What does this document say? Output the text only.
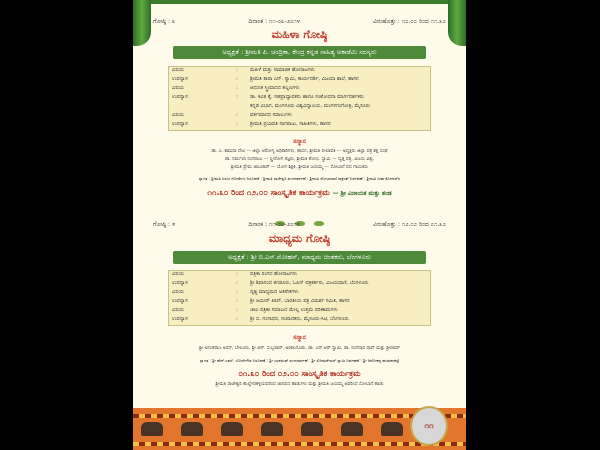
ಗೋಷ್ಠಿ : ೩	ದಿನಾಂಕ : ೧೧-೦೩-೨೦೧೪	ವಿರುಹೊತ್ತು : ೧೦.೦೦ ರಿಂದ ೧೧.೩೦
ಮಹಿಳಾ ಗೋಷ್ಠಿ
ಅಧ್ಯಕ್ಷತೆ : ಶ್ರೀಮತಿ ಪಿ. ಚಂದ್ರಿಕಾ, ಕೇಂದ್ರ ಕನ್ನಡ ಸಾಹಿತ್ಯ ಅಕಾಡೆಮಿ ಸದಸ್ಯರು
ವಿಷಯ	:	ಮಹಿಳೆ ಮತ್ತು ಸಾಮಾಜಿಕ ಹೋರಾಟಗಳು
ಉಪನ್ಯಾಸ	:	ಶ್ರೀಮತಿ ತಾರಾ ಎನ್. ಸ್ವಾಮಿ, ಕಾರ್ಯದರ್ಶಿ, ವಿಜಯಾ ಶಾಲೆ, ಹಾಸನ
ವಿಷಯ	:	ಆಧುನಿಕ ಸ್ತ್ರೀವಾದದ ತಲ್ಲಣಗಳು
ಉಪನ್ಯಾಸ	:	ಡಾ. ಕವಿತ ಕೈ, ಸಹಪ್ರಾಧ್ಯಾಪಕರು ಹಾಗೂ ಸಂಶೋಧನಾ ಮಾರ್ಗದರ್ಶಕರು
		ಕನ್ನಡ ವಿಭಾಗ, ಮಂಗಳೂರು ವಿಶ್ವವಿದ್ಯಾಲಯ, ಮಂಗಳಗಂಗೋತ್ರಿ, ಮೈಸೂರು
ವಿಷಯ	:	ವರ್ತಮಾನದ ಸವಾಲುಗಳು
ಉಪನ್ಯಾಸ	:	ಶ್ರೀಮತಿ ಪ್ರಭಾವತಿ ನಾಗರಾಜು, ಸಾಹಿತಿಗಳು, ಹಾಸನ
ಸನ್ಮಾನ
ಡಾ. ಎ. ಕಾಮರಾ ದೇವಿ — ಜಿಲ್ಲಾ ಆರೋಗ್ಯ ಅಧಿಕಾರಿಗಳು, ಹಾಸನ, ಶ್ರೀಮತಿ ಲೀಲಾವತಿ — ಅಧ್ಯಕ್ಷರು ಜಿಲ್ಲಾ ಪತ್ರ ಶಕ್ತಿ ಸಂಘ
ಡಾ. ನಿರ್ಮಲಾ ರಂಗರಾಜು — ಸ್ತ್ರೀರೋಗ ತಜ್ಞರು, ಶ್ರೀಮತಿ ಶೋಭ. ಸ್ವಾಮಿ — ದ್ವತ್ತ ಪತ್ರ, ವಿಜಯ ವಿಶ್ವ,
ಶ್ರೀಮತಿ ಪ್ರೇಮ ಜಾಬಚಾರ್ — ಯೋಗ ಶಿಕ್ಷಕಿ, ಶ್ರೀಮತಿ ಜಯಮ್ಮ — ಸೋಬಾನೆ ಪದ ಗಾಯಕರು
ಸ್ವಾಗತ : ಶ್ರೀಮತಿ ಜಲಜ ನೋಡೇಗಳ ನಿರೂಪಣೆ : ಶ್ರೀಮತಿ ರಾಜೇಶ್ವರಿ ವಂದನಾರ್ಪಣೆ : ಶ್ರೀಮತಿ ಶೋಭಾರಾಣಿ ಸಾಕ್ರಂತ್ ನಿರ್ವಹಣೆ : ಶ್ರೀಮತಿ ಸೀತಾ ಕೋಗಾರ್‌ರ
೧೧.೩೦ ರಿಂದ ೧೨.೦೦ ಸಾಂಸ್ಕೃತಿಕ ಕಾರ್ಯಕ್ರಮ — ಶ್ರೀ ವಿನಾಯಕ ಮತ್ತು ತಂಡ

ಗೋಷ್ಠಿ : ೪	ದಿನಾಂಕ : ೧೧-೦೩-೨೦೧೪	ವಿರುಹೊತ್ತು : ೧೨.೦೦ ರಿಂದ ೦೧.೩೦
ಮಾಧ್ಯಮ ಗೋಷ್ಠಿ
ಅಧ್ಯಕ್ಷತೆ : ಶ್ರೀ ಬಿ.ಎಸ್.ಮೋಹನ್, ಮಾಧ್ಯಮ ಚಿಂತಕರು, ಬೆಂಗಳೂರು
ವಿಷಯ	:	ಪತ್ರಿಕಾ ರಂಗದ ಹೋರಾಟಗಳು
ಉಪನ್ಯಾಸ	:	ಶ್ರೀ ಶಿವಾನಂದ ತಗಡೂರು, ಓಪಿನ್ ಪತ್ರಕರ್ತರು, ವಿಜಯವಾಣಿ, ಬೆಂಗಳೂರು
ವಿಷಯ	:	ದೃಶ್ಯ ಮಾಧ್ಯಮದ ಅತಿರೇಕಗಳು
ಉಪನ್ಯಾಸ	:	ಶ್ರೀ ಅಮೀರ್ ಖಾನ್, ಭಾರತೀಯ ಪತ್ರ ವಿಮರ್ಶ ಸಮಿತಿ, ಹಾಸನ
ವಿಷಯ	:	ಜಾಲ ಪತ್ರಿಕಾ ಸಮಾಜದ ಮೇಲ್ಲ ಉತ್ತಮ ಪರಿಣಾಮಗಳು
ಉಪನ್ಯಾಸ	:	ಶ್ರೀ ಬಿ. ಗಂಗಾಧರ, ಸಂಪಾದಕರು, ಮೈಸೂರು-ಸಿಟಿ, ಬೆಂಗಳೂರು
ಸನ್ಮಾನ
ಶ್ರೀ ಅನಂತರಾಜ ಅರಸ್, ಬೇಲೂರು, ಶ್ರೀ ಆರ್. ಸುಬ್ಬರಾವ್, ಅರಕಲಗೂಡು, ಡಾ. ಎನ್.ಆರ್ ಸ್ವಾಮಿ, ಡಾ. ರಂಗನಾಥ ರಾವ್ ಮತ್ತು ಶ್ರೀರಾಮ್
ಸ್ವಾಗತ : ಶ್ರೀ ಹೆಚ್.ಎಮ್. ಬೋರೇಗೌಡ ನಿರೂಪಣೆ : ಶ್ರೀ ಯಶವಂತ್ ವಂದನಾರ್ಪಣೆ : ಶ್ರೀ ಸೋಮಶೇಖರ್ ಸ್ವಾಮಿ ನಿರ್ವಹಣೆ : ಶ್ರೀ ಅಶೋಕಪ್ಪ ಹುಡುಕನಕಟ್ಟೆ
೦೧.೩೦ ರಿಂದ ೦೨.೦೦ ಸಾಂಸ್ಕೃತಿಕ ಕಾರ್ಯಕ್ರಮ
ಶ್ರೀಮತಿ ರಾಜೇಶ್ವರಿ ಹುಲ್ಲೇನಹಳ್ಳಿಯವರಿಂದ ಜಾನಪದ ಹಾಡುಗಳು ಮತ್ತು ಶ್ರೀಮತಿ ಜಯಮ್ಮ ಅವರಿಂದ ಸೋಬಾನೆ ಹಾಡು
೧೧
